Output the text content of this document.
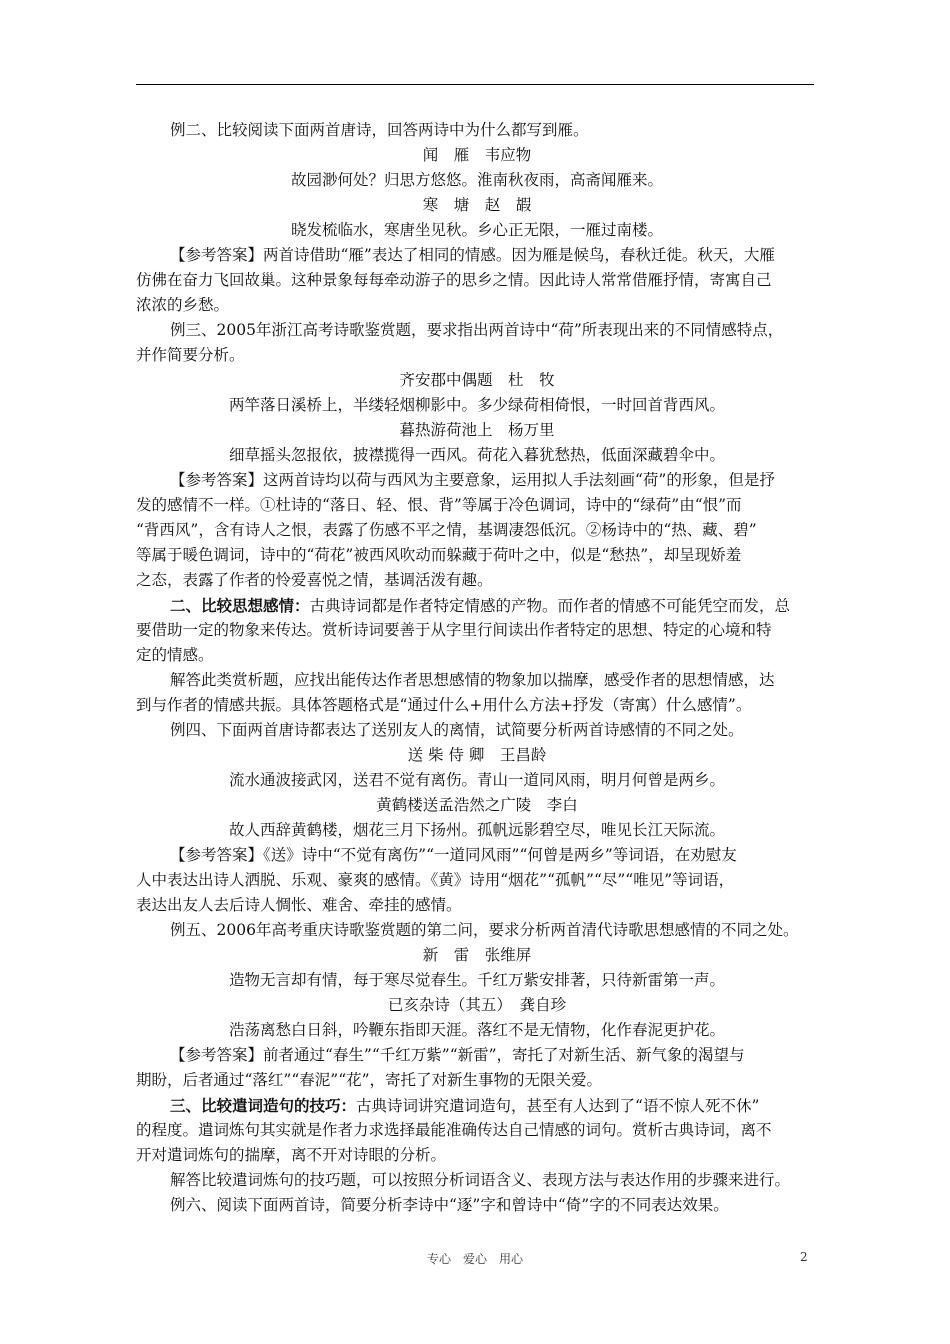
例二、比较阅读下面两首唐诗，回答两诗中为什么都写到雁。
闻　雁　韦应物
故园渺何处？归思方悠悠。淮南秋夜雨，高斋闻雁来。
寒　塘　赵　嘏
晓发梳临水，寒唐坐见秋。乡心正无限，一雁过南楼。
【参考答案】两首诗借助“雁”表达了相同的情感。因为雁是候鸟，春秋迁徙。秋天，大雁
仿佛在奋力飞回故巢。这种景象每每牵动游子的思乡之情。因此诗人常常借雁抒情，寄寓自己
浓浓的乡愁。
例三、2005年浙江高考诗歌鉴赏题，要求指出两首诗中“荷”所表现出来的不同情感特点，
并作简要分析。
齐安郡中偶题　杜　牧
两竿落日溪桥上，半缕轻烟柳影中。多少绿荷相倚恨，一时回首背西风。
暮热游荷池上　杨万里
细草摇头忽报依，披襟揽得一西风。荷花入暮犹愁热，低面深藏碧伞中。
【参考答案】这两首诗均以荷与西风为主要意象，运用拟人手法刻画“荷”的形象，但是抒
发的感情不一样。①杜诗的“落日、轻、恨、背”等属于冷色调词，诗中的“绿荷”由“恨”而
“背西风”，含有诗人之恨，表露了伤感不平之情，基调凄怨低沉。②杨诗中的“热、藏、碧”
等属于暖色调词，诗中的“荷花”被西风吹动而躲藏于荷叶之中，似是“愁热”，却呈现娇羞
之态，表露了作者的怜爱喜悦之情，基调活泼有趣。
二、比较思想感情：古典诗词都是作者特定情感的产物。而作者的情感不可能凭空而发，总
要借助一定的物象来传达。赏析诗词要善于从字里行间读出作者特定的思想、特定的心境和特
定的情感。
解答此类赏析题，应找出能传达作者思想感情的物象加以揣摩，感受作者的思想情感，达
到与作者的情感共振。具体答题格式是“通过什么+用什么方法+抒发（寄寓）什么感情”。
例四、下面两首唐诗都表达了送别友人的离情，试简要分析两首诗感情的不同之处。
送 柴 侍 卿　王昌龄
流水通波接武冈，送君不觉有离伤。青山一道同风雨，明月何曾是两乡。
黄鹤楼送孟浩然之广陵　李白
故人西辞黄鹤楼，烟花三月下扬州。孤帆远影碧空尽，唯见长江天际流。
【参考答案】《送》诗中“不觉有离伤”“一道同风雨”“何曾是两乡”等词语，在劝慰友
人中表达出诗人洒脱、乐观、豪爽的感情。《黄》诗用“烟花”“孤帆”“尽”“唯见”等词语，
表达出友人去后诗人惆怅、难舍、牵挂的感情。
例五、2006年高考重庆诗歌鉴赏题的第二问，要求分析两首清代诗歌思想感情的不同之处。
新　雷　张维屏
造物无言却有情，每于寒尽觉春生。千红万紫安排著，只待新雷第一声。
已亥杂诗（其五）　龚自珍
浩荡离愁白日斜，吟鞭东指即天涯。落红不是无情物，化作春泥更护花。
【参考答案】前者通过“春生”“千红万紫”“新雷”，寄托了对新生活、新气象的渴望与
期盼，后者通过“落红”“春泥”“花”，寄托了对新生事物的无限关爱。
三、比较遣词造句的技巧：古典诗词讲究遣词造句，甚至有人达到了“语不惊人死不休”
的程度。遣词炼句其实就是作者力求选择最能准确传达自己情感的词句。赏析古典诗词，离不
开对遣词炼句的揣摩，离不开对诗眼的分析。
解答比较遣词炼句的技巧题，可以按照分析词语含义、表现方法与表达作用的步骤来进行。
例六、阅读下面两首诗，简要分析李诗中“逐”字和曾诗中“倚”字的不同表达效果。
专心　爱心　用心	2
